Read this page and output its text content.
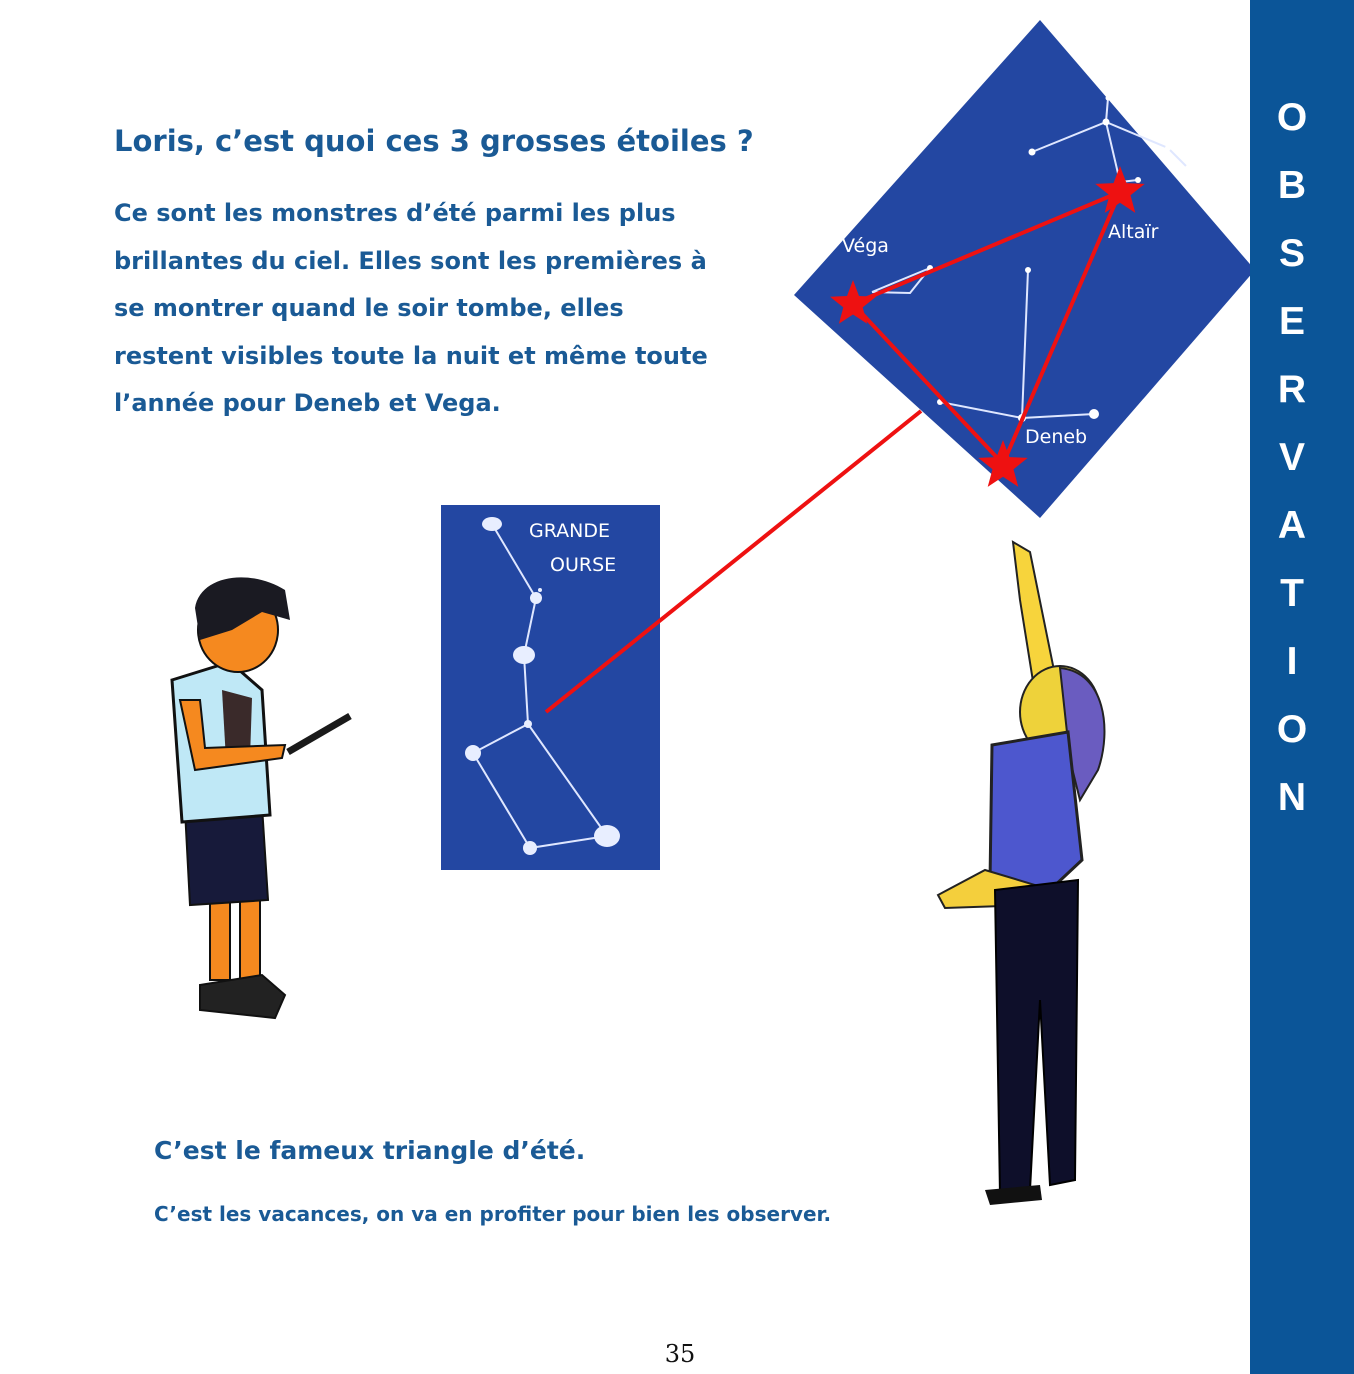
Loris, c’est quoi ces 3 grosses étoiles ?
Ce sont les monstres d’été parmi les plus
brillantes du ciel. Elles sont les premières à
se montrer quand le soir tombe, elles
restent visibles toute la nuit et même toute
l’année pour Deneb et Vega.
Véga
Altaïr
Deneb
GRANDE
OURSE

C’est le fameux triangle d’été.

C’est les vacances, on va en profiter pour bien les observer.

35
O
B
S
E
R
V
A
T
I
O
N
